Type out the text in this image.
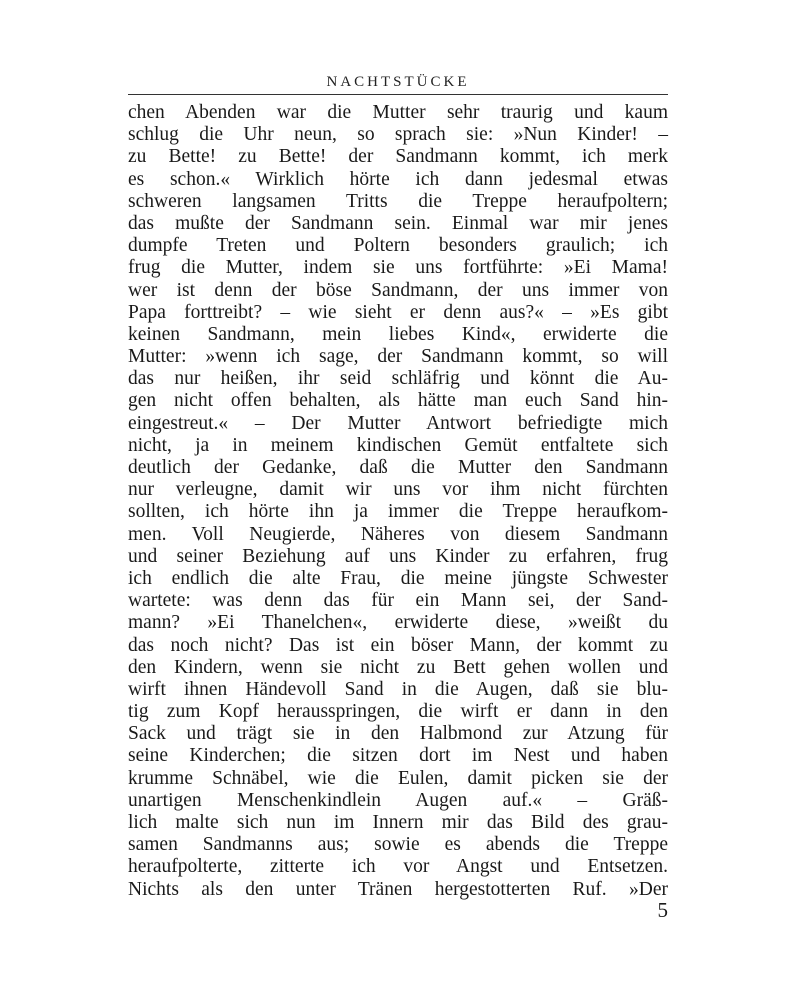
NACHTSTÜCKE
chen Abenden war die Mutter sehr traurig und kaum
schlug die Uhr neun, so sprach sie: »Nun Kinder! –
zu Bette! zu Bette! der Sandmann kommt, ich merk
es schon.« Wirklich hörte ich dann jedesmal etwas
schweren langsamen Tritts die Treppe heraufpoltern;
das mußte der Sandmann sein. Einmal war mir jenes
dumpfe Treten und Poltern besonders graulich; ich
frug die Mutter, indem sie uns fortführte: »Ei Mama!
wer ist denn der böse Sandmann, der uns immer von
Papa forttreibt? – wie sieht er denn aus?« – »Es gibt
keinen Sandmann, mein liebes Kind«, erwiderte die
Mutter: »wenn ich sage, der Sandmann kommt, so will
das nur heißen, ihr seid schläfrig und könnt die Au-
gen nicht offen behalten, als hätte man euch Sand hin-
eingestreut.« – Der Mutter Antwort befriedigte mich
nicht, ja in meinem kindischen Gemüt entfaltete sich
deutlich der Gedanke, daß die Mutter den Sandmann
nur verleugne, damit wir uns vor ihm nicht fürchten
sollten, ich hörte ihn ja immer die Treppe heraufkom-
men. Voll Neugierde, Näheres von diesem Sandmann
und seiner Beziehung auf uns Kinder zu erfahren, frug
ich endlich die alte Frau, die meine jüngste Schwester
wartete: was denn das für ein Mann sei, der Sand-
mann? »Ei Thanelchen«, erwiderte diese, »weißt du
das noch nicht? Das ist ein böser Mann, der kommt zu
den Kindern, wenn sie nicht zu Bett gehen wollen und
wirft ihnen Händevoll Sand in die Augen, daß sie blu-
tig zum Kopf herausspringen, die wirft er dann in den
Sack und trägt sie in den Halbmond zur Atzung für
seine Kinderchen; die sitzen dort im Nest und haben
krumme Schnäbel, wie die Eulen, damit picken sie der
unartigen Menschenkindlein Augen auf.« – Gräß-
lich malte sich nun im Innern mir das Bild des grau-
samen Sandmanns aus; sowie es abends die Treppe
heraufpolterte, zitterte ich vor Angst und Entsetzen.
Nichts als den unter Tränen hergestotterten Ruf. »Der
5
